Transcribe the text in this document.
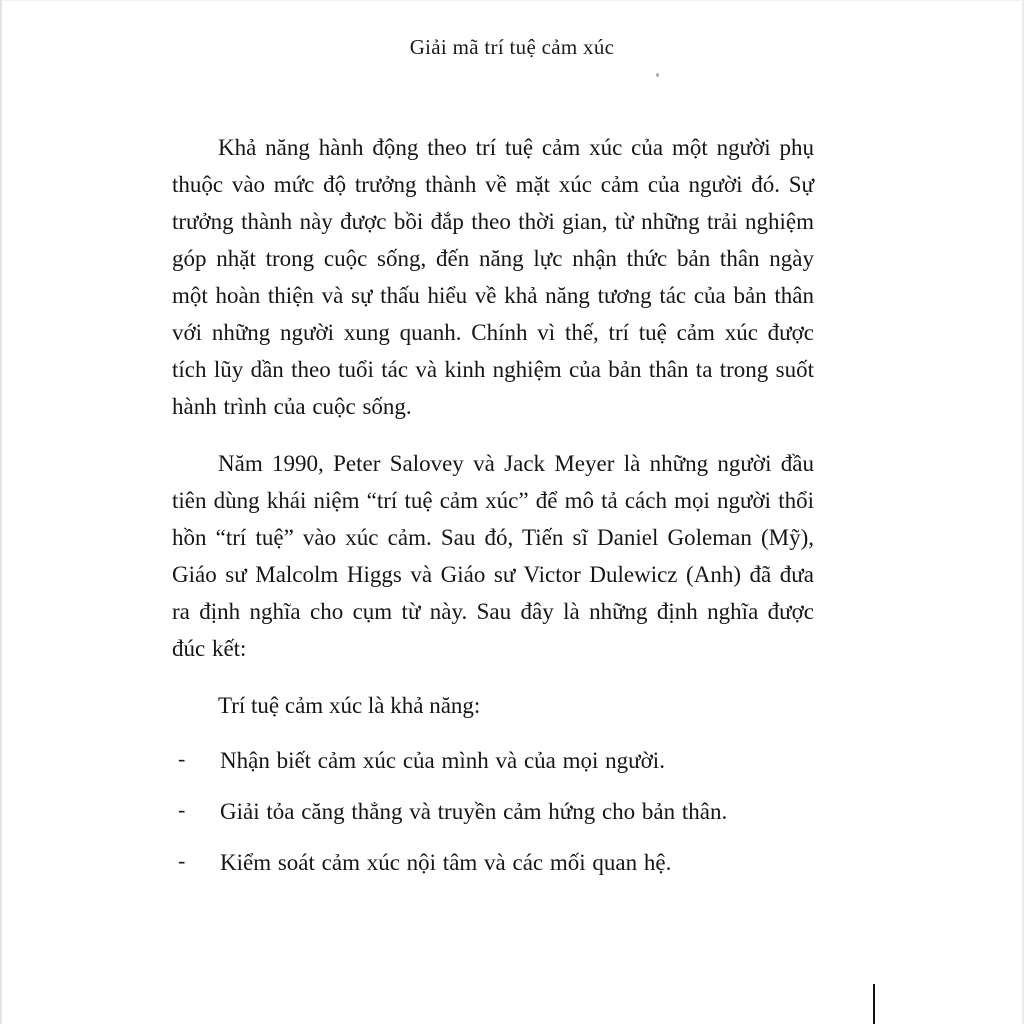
Giải mã trí tuệ cảm xúc

Khả năng hành động theo trí tuệ cảm xúc của một người phụ thuộc vào mức độ trưởng thành về mặt xúc cảm của người đó. Sự trưởng thành này được bồi đắp theo thời gian, từ những trải nghiệm góp nhặt trong cuộc sống, đến năng lực nhận thức bản thân ngày một hoàn thiện và sự thấu hiểu về khả năng tương tác của bản thân với những người xung quanh. Chính vì thế, trí tuệ cảm xúc được tích lũy dần theo tuổi tác và kinh nghiệm của bản thân ta trong suốt hành trình của cuộc sống.

Năm 1990, Peter Salovey và Jack Meyer là những người đầu tiên dùng khái niệm “trí tuệ cảm xúc” để mô tả cách mọi người thổi hồn “trí tuệ” vào xúc cảm. Sau đó, Tiến sĩ Daniel Goleman (Mỹ), Giáo sư Malcolm Higgs và Giáo sư Victor Dulewicz (Anh) đã đưa ra định nghĩa cho cụm từ này. Sau đây là những định nghĩa được đúc kết:

Trí tuệ cảm xúc là khả năng:

- Nhận biết cảm xúc của mình và của mọi người.
- Giải tỏa căng thẳng và truyền cảm hứng cho bản thân.
- Kiểm soát cảm xúc nội tâm và các mối quan hệ.
